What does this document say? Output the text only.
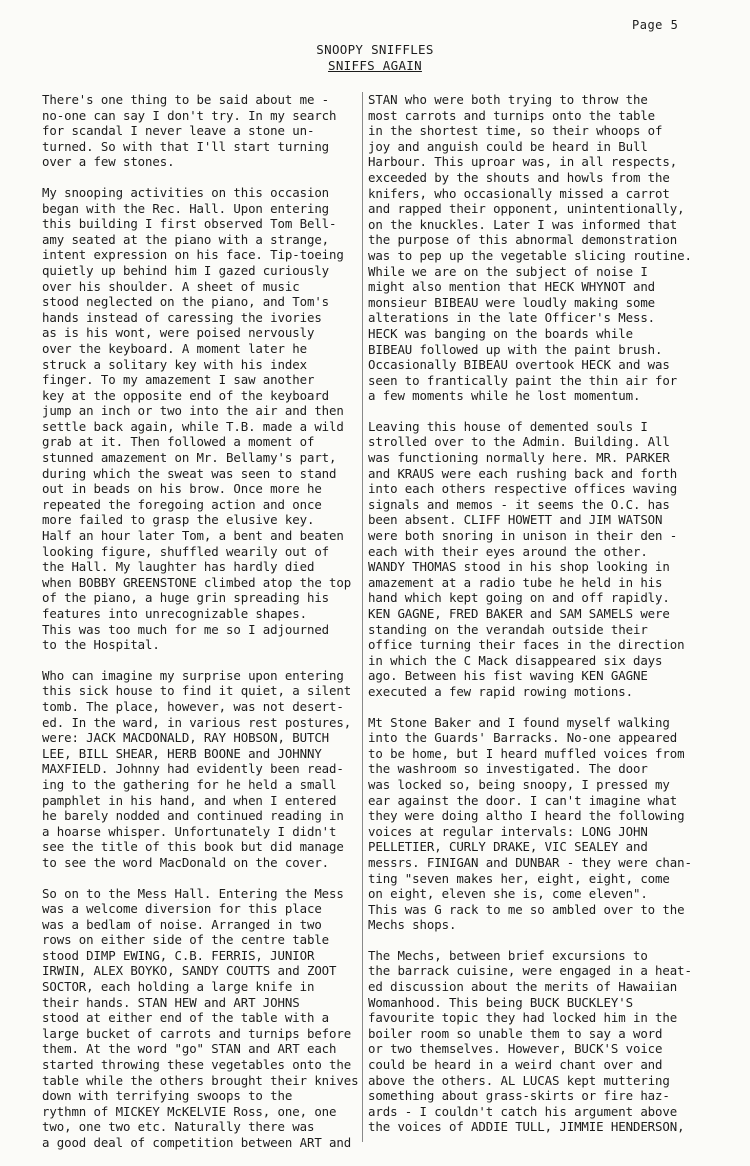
Page 5
SNOOPY SNIFFLES
SNIFFS AGAIN

There's one thing to be said about me -
no-one can say I don't try. In my search
for scandal I never leave a stone un-
turned. So with that I'll start turning
over a few stones.

My snooping activities on this occasion
began with the Rec. Hall. Upon entering
this building I first observed Tom Bell-
amy seated at the piano with a strange,
intent expression on his face. Tip-toeing
quietly up behind him I gazed curiously
over his shoulder. A sheet of music
stood neglected on the piano, and Tom's
hands instead of caressing the ivories
as is his wont, were poised nervously
over the keyboard. A moment later he
struck a solitary key with his index
finger. To my amazement I saw another
key at the opposite end of the keyboard
jump an inch or two into the air and then
settle back again, while T.B. made a wild
grab at it. Then followed a moment of
stunned amazement on Mr. Bellamy's part,
during which the sweat was seen to stand
out in beads on his brow. Once more he
repeated the foregoing action and once
more failed to grasp the elusive key.
Half an hour later Tom, a bent and beaten
looking figure, shuffled wearily out of
the Hall. My laughter has hardly died
when BOBBY GREENSTONE climbed atop the top
of the piano, a huge grin spreading his
features into unrecognizable shapes.
This was too much for me so I adjourned
to the Hospital.

Who can imagine my surprise upon entering
this sick house to find it quiet, a silent
tomb. The place, however, was not desert-
ed. In the ward, in various rest postures,
were: JACK MACDONALD, RAY HOBSON, BUTCH
LEE, BILL SHEAR, HERB BOONE and JOHNNY
MAXFIELD. Johnny had evidently been read-
ing to the gathering for he held a small
pamphlet in his hand, and when I entered
he barely nodded and continued reading in
a hoarse whisper. Unfortunately I didn't
see the title of this book but did manage
to see the word MacDonald on the cover.

So on to the Mess Hall. Entering the Mess
was a welcome diversion for this place
was a bedlam of noise. Arranged in two
rows on either side of the centre table
stood DIMP EWING, C.B. FERRIS, JUNIOR
IRWIN, ALEX BOYKO, SANDY COUTTS and ZOOT
SOCTOR, each holding a large knife in
their hands. STAN HEW and ART JOHNS
stood at either end of the table with a
large bucket of carrots and turnips before
them. At the word "go" STAN and ART each
started throwing these vegetables onto the
table while the others brought their knives
down with terrifying swoops to the
rythmn of MICKEY McKELVIE Ross, one, one
two, one two etc. Naturally there was
a good deal of competition between ART and

STAN who were both trying to throw the
most carrots and turnips onto the table
in the shortest time, so their whoops of
joy and anguish could be heard in Bull
Harbour. This uproar was, in all respects,
exceeded by the shouts and howls from the
knifers, who occasionally missed a carrot
and rapped their opponent, unintentionally,
on the knuckles. Later I was informed that
the purpose of this abnormal demonstration
was to pep up the vegetable slicing routine.
While we are on the subject of noise I
might also mention that HECK WHYNOT and
monsieur BIBEAU were loudly making some
alterations in the late Officer's Mess.
HECK was banging on the boards while
BIBEAU followed up with the paint brush.
Occasionally BIBEAU overtook HECK and was
seen to frantically paint the thin air for
a few moments while he lost momentum.

Leaving this house of demented souls I
strolled over to the Admin. Building. All
was functioning normally here. MR. PARKER
and KRAUS were each rushing back and forth
into each others respective offices waving
signals and memos - it seems the O.C. has
been absent. CLIFF HOWETT and JIM WATSON
were both snoring in unison in their den -
each with their eyes around the other.
WANDY THOMAS stood in his shop looking in
amazement at a radio tube he held in his
hand which kept going on and off rapidly.
KEN GAGNE, FRED BAKER and SAM SAMELS were
standing on the verandah outside their
office turning their faces in the direction
in which the C Mack disappeared six days
ago. Between his fist waving KEN GAGNE
executed a few rapid rowing motions.

Mt Stone Baker and I found myself walking
into the Guards' Barracks. No-one appeared
to be home, but I heard muffled voices from
the washroom so investigated. The door
was locked so, being snoopy, I pressed my
ear against the door. I can't imagine what
they were doing altho I heard the following
voices at regular intervals: LONG JOHN
PELLETIER, CURLY DRAKE, VIC SEALEY and
messrs. FINIGAN and DUNBAR - they were chan-
ting "seven makes her, eight, eight, come
on eight, eleven she is, come eleven".
This was G rack to me so ambled over to the
Mechs shops.

The Mechs, between brief excursions to
the barrack cuisine, were engaged in a heat-
ed discussion about the merits of Hawaiian
Womanhood. This being BUCK BUCKLEY'S
favourite topic they had locked him in the
boiler room so unable them to say a word
or two themselves. However, BUCK'S voice
could be heard in a weird chant over and
above the others. AL LUCAS kept muttering
something about grass-skirts or fire haz-
ards - I couldn't catch his argument above
the voices of ADDIE TULL, JIMMIE HENDERSON,
